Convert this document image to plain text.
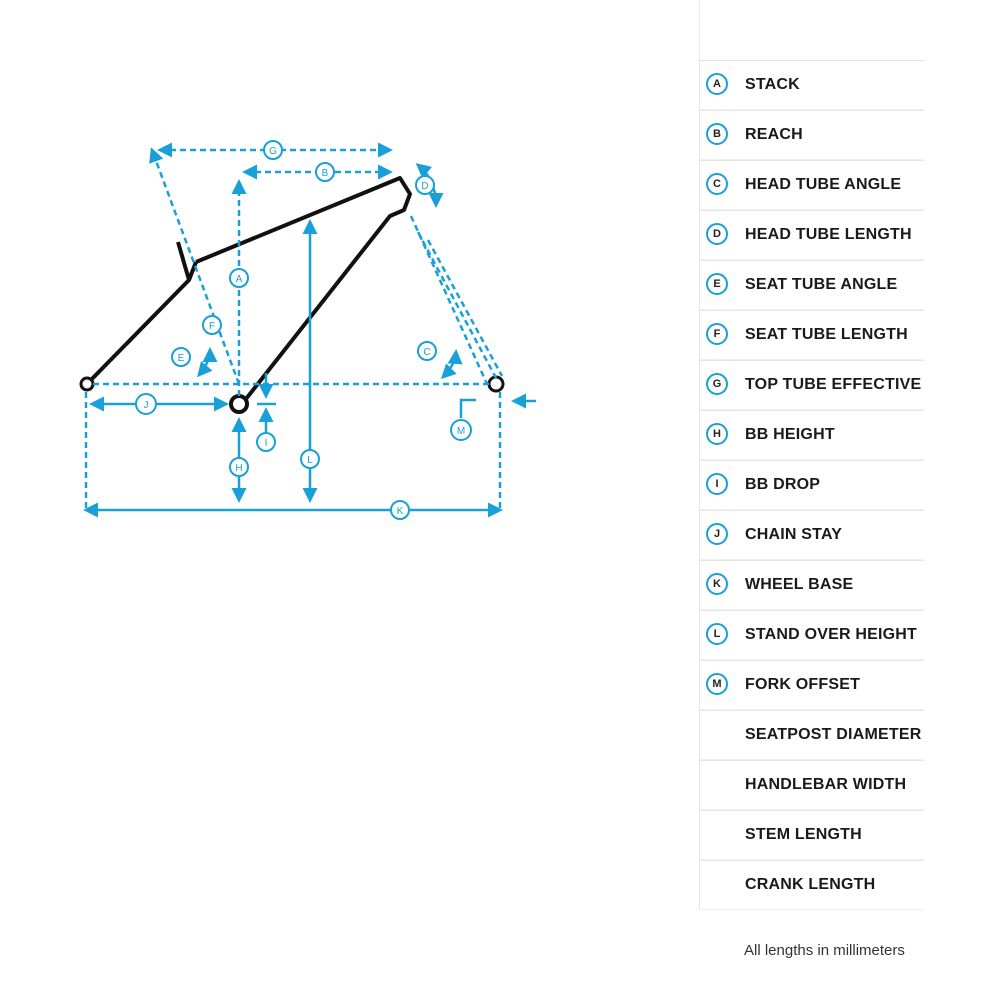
G
B
D
A
F
E
C
J
I
M
H
L
K
A	STACK
B	REACH
C	HEAD TUBE ANGLE
D	HEAD TUBE LENGTH
E	SEAT TUBE ANGLE
F	SEAT TUBE LENGTH
G	TOP TUBE EFFECTIVE
H	BB HEIGHT
I	BB DROP
J	CHAIN STAY
K	WHEEL BASE
L	STAND OVER HEIGHT
M	FORK OFFSET
SEATPOST DIAMETER
HANDLEBAR WIDTH
STEM LENGTH
CRANK LENGTH
All lengths in millimeters
